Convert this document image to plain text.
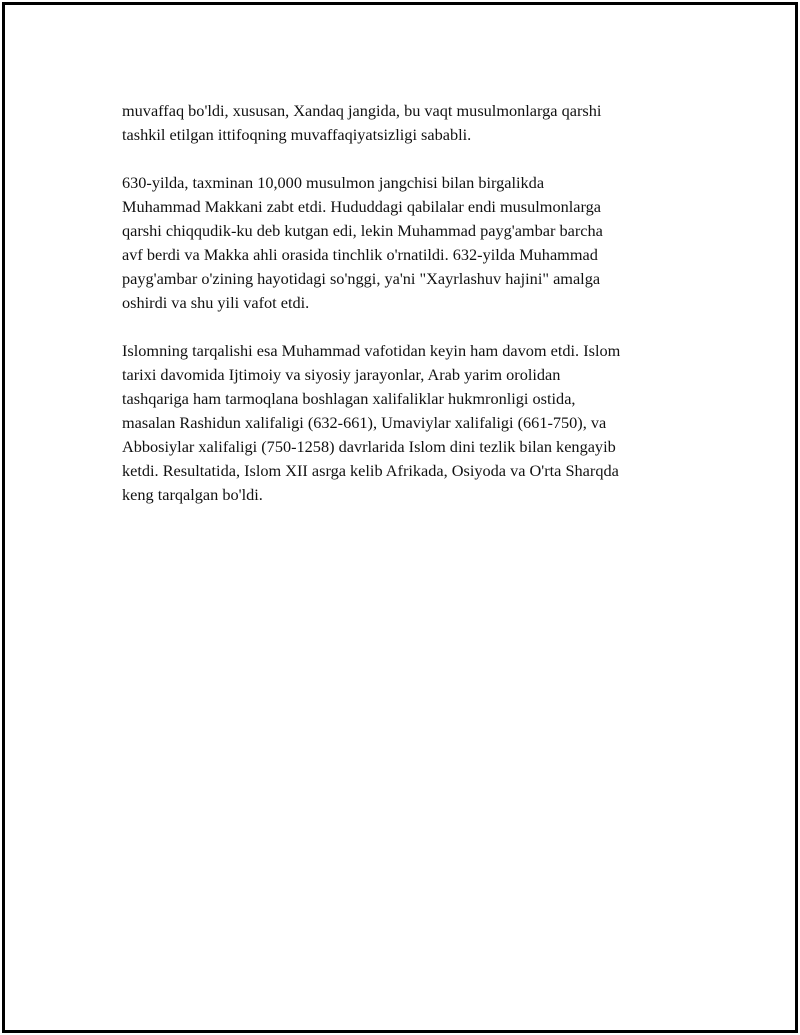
muvaffaq bo'ldi, xususan, Xandaq jangida, bu vaqt musulmonlarga qarshi
tashkil etilgan ittifoqning muvaffaqiyatsizligi sababli.

630-yilda, taxminan 10,000 musulmon jangchisi bilan birgalikda
Muhammad Makkani zabt etdi. Hududdagi qabilalar endi musulmonlarga
qarshi chiqqudik-ku deb kutgan edi, lekin Muhammad payg'ambar barcha
avf berdi va Makka ahli orasida tinchlik o'rnatildi. 632-yilda Muhammad
payg'ambar o'zining hayotidagi so'nggi, ya'ni "Xayrlashuv hajini" amalga
oshirdi va shu yili vafot etdi.

Islomning tarqalishi esa Muhammad vafotidan keyin ham davom etdi. Islom
tarixi davomida Ijtimoiy va siyosiy jarayonlar, Arab yarim orolidan
tashqariga ham tarmoqlana boshlagan xalifaliklar hukmronligi ostida,
masalan Rashidun xalifaligi (632-661), Umaviylar xalifaligi (661-750), va
Abbosiylar xalifaligi (750-1258) davrlarida Islom dini tezlik bilan kengayib
ketdi. Resultatida, Islom XII asrga kelib Afrikada, Osiyoda va O'rta Sharqda
keng tarqalgan bo'ldi.
